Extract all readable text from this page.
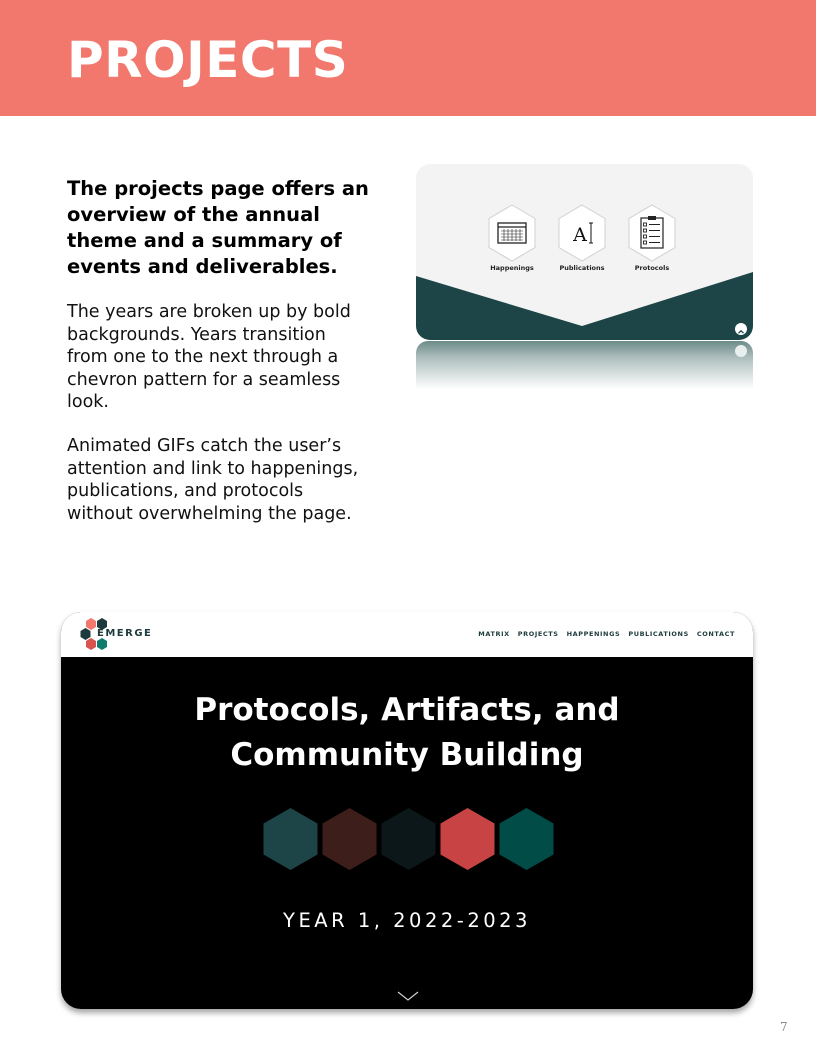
PROJECTS

The projects page offers an overview of the annual theme and a summary of events and deliverables.

The years are broken up by bold backgrounds. Years transition from one to the next through a chevron pattern for a seamless look.

Animated GIFs catch the user’s attention and link to happenings, publications, and protocols without overwhelming the page.

Happenings
A
Publications	Protocols
EMERGE	MATRIX PROJECTS HAPPENINGS PUBLICATIONS CONTACT
Protocols, Artifacts, and
Community Building
YEAR 1, 2022-2023
7
